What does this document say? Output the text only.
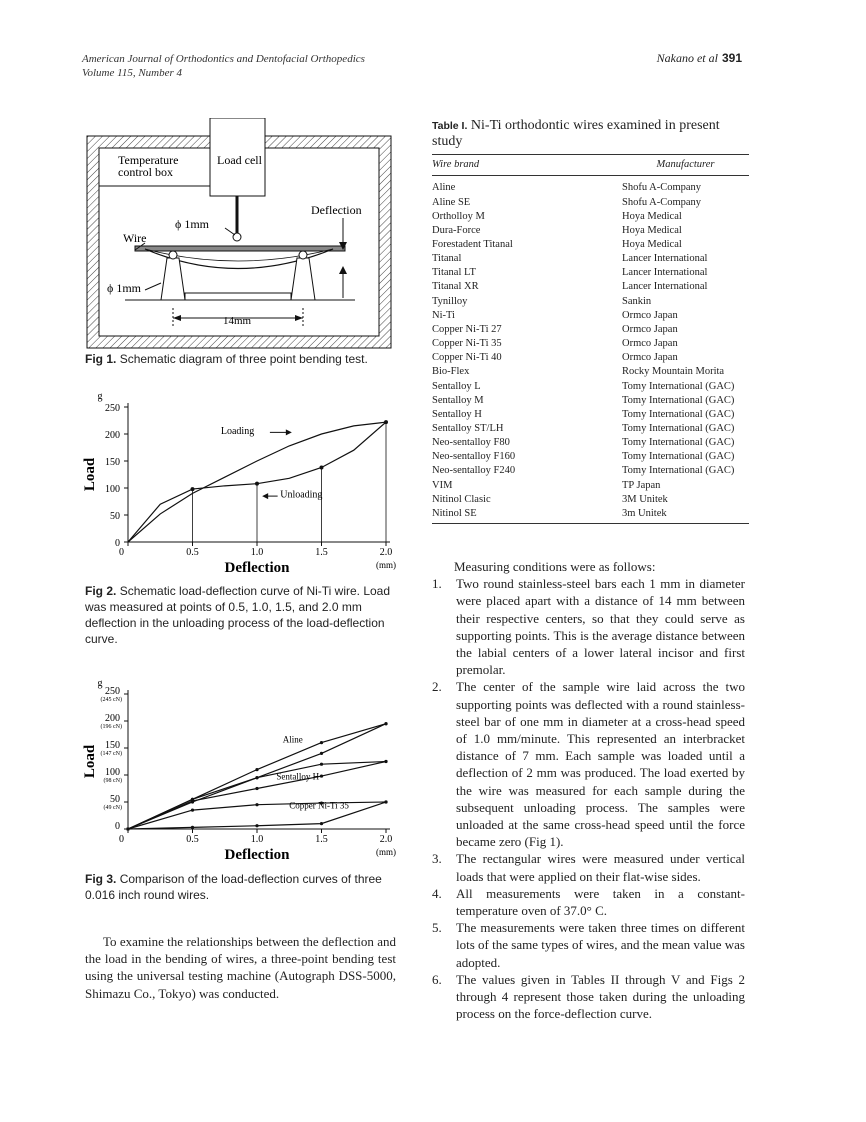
American Journal of Orthodontics and Dentofacial Orthopedics
Volume 115, Number 4
Nakano et al 391
Temperature
control box
Load cell
ϕ 1mm
Deflection
Wire
ϕ 1mm
14mm
Fig 1. Schematic diagram of three point bending test.
0	0.5	1.0	1.5	2.0
0
50
100
150
200
250
g
Load
Deflection	(mm)
Loading
Unloading
Fig 2. Schematic load-deflection curve of Ni-Ti wire. Load was measured at points of 0.5, 1.0, 1.5, and 2.0 mm deflection in the unloading process of the load-deflection curve.
0	0.5	1.0	1.5	2.0
0
50
(49 cN)
100
(98 cN)
150
(147 cN)
200
(196 cN)
250
(245 cN)
g
Load
Deflection	(mm)
Aline
Sentalloy H
Copper Ni-Ti 35
Fig 3. Comparison of the load-deflection curves of three 0.016 inch round wires.
To examine the relationships between the deflection and the load in the bending of wires, a three-point bending test using the universal testing machine (Autograph DSS-5000, Shimazu Co., Tokyo) was conducted.
Table I. Ni-Ti orthodontic wires examined in present study
Wire brand	Manufacturer
Aline	Shofu A-Company
Aline SE	Shofu A-Company
Ortholloy M	Hoya Medical
Dura-Force	Hoya Medical
Forestadent Titanal	Hoya Medical
Titanal	Lancer International
Titanal LT	Lancer International
Titanal XR	Lancer International
Tynilloy	Sankin
Ni-Ti	Ormco Japan
Copper Ni-Ti 27	Ormco Japan
Copper Ni-Ti 35	Ormco Japan
Copper Ni-Ti 40	Ormco Japan
Bio-Flex	Rocky Mountain Morita
Sentalloy L	Tomy International (GAC)
Sentalloy M	Tomy International (GAC)
Sentalloy H	Tomy International (GAC)
Sentalloy ST/LH	Tomy International (GAC)
Neo-sentalloy F80	Tomy International (GAC)
Neo-sentalloy F160	Tomy International (GAC)
Neo-sentalloy F240	Tomy International (GAC)
VIM	TP Japan
Nitinol Clasic	3M Unitek
Nitinol SE	3m Unitek
Measuring conditions were as follows:
1. Two round stainless-steel bars each 1 mm in diameter were placed apart with a distance of 14 mm between their respective centers, so that they could serve as supporting points. This is the average distance between the labial centers of a lower lateral incisor and first premolar.
2. The center of the sample wire laid across the two supporting points was deflected with a round stainless-steel bar of one mm in diameter at a cross-head speed of 1.0 mm/minute. This represented an interbracket distance of 7 mm. Each sample was loaded until a deflection of 2 mm was produced. The load exerted by the wire was measured for each sample during the subsequent unloading process. The samples were unloaded at the same cross-head speed until the force became zero (Fig 1).
3. The rectangular wires were measured under vertical loads that were applied on their flat-wise sides.
4. All measurements were taken in a constant-temperature oven of 37.0° C.
5. The measurements were taken three times on different lots of the same types of wires, and the mean value was adopted.
6. The values given in Tables II through V and Figs 2 through 4 represent those taken during the unloading process on the force-deflection curve.
